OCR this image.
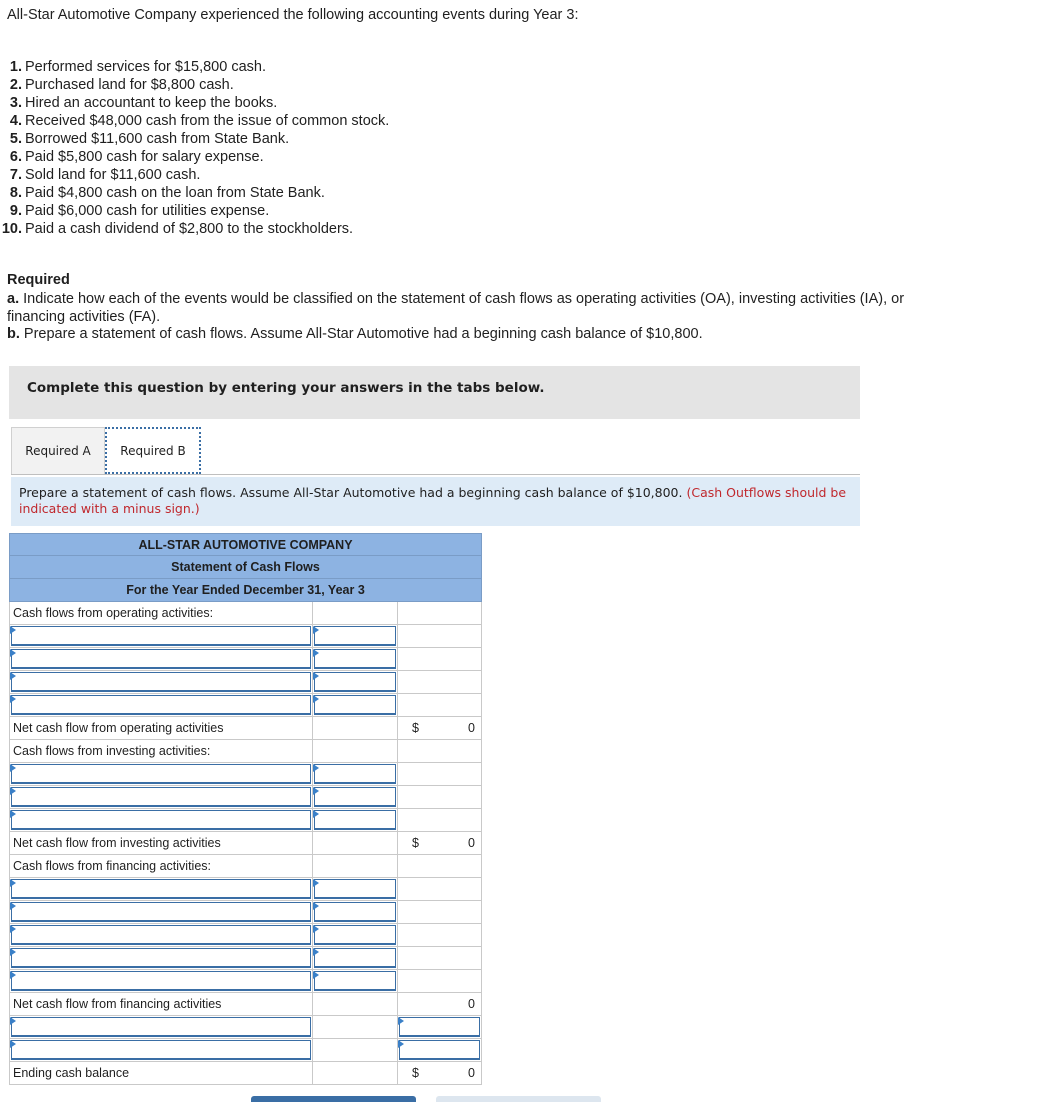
All-Star Automotive Company experienced the following accounting events during Year 3:
1. Performed services for $15,800 cash.
2. Purchased land for $8,800 cash.
3. Hired an accountant to keep the books.
4. Received $48,000 cash from the issue of common stock.
5. Borrowed $11,600 cash from State Bank.
6. Paid $5,800 cash for salary expense.
7. Sold land for $11,600 cash.
8. Paid $4,800 cash on the loan from State Bank.
9. Paid $6,000 cash for utilities expense.
10. Paid a cash dividend of $2,800 to the stockholders.
Required
a. Indicate how each of the events would be classified on the statement of cash flows as operating activities (OA), investing activities (IA), or financing activities (FA).
b. Prepare a statement of cash flows. Assume All-Star Automotive had a beginning cash balance of $10,800.
Complete this question by entering your answers in the tabs below.
Required A	Required B
Prepare a statement of cash flows. Assume All-Star Automotive had a beginning cash balance of $10,800. (Cash Outflows should be indicated with a minus sign.)
ALL-STAR AUTOMOTIVE COMPANY
Statement of Cash Flows
For the Year Ended December 31, Year 3
Cash flows from operating activities:
Net cash flow from operating activities	$	0
Cash flows from investing activities:
Net cash flow from investing activities	$	0
Cash flows from financing activities:
Net cash flow from financing activities	0
Ending cash balance	$	0
